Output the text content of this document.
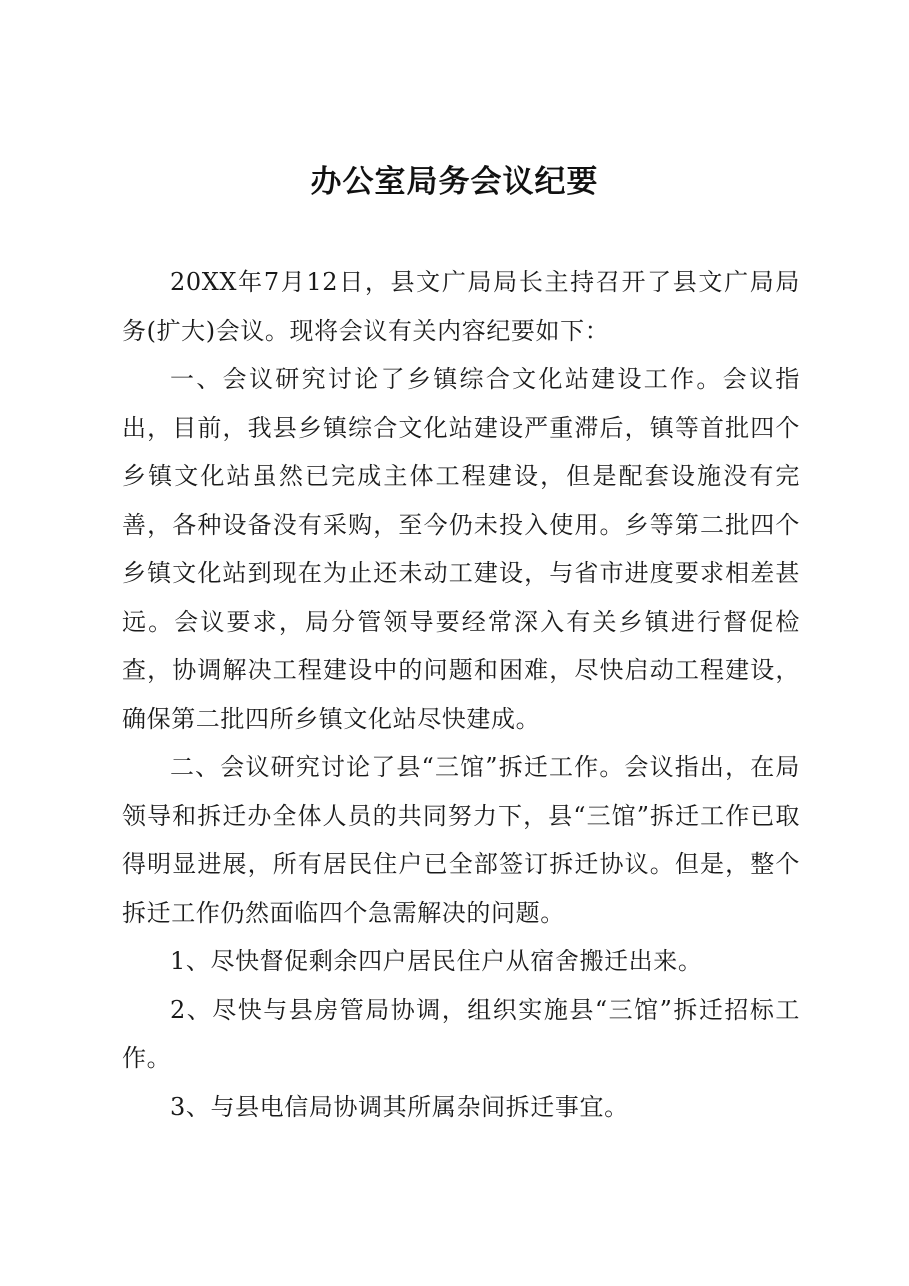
办公室局务会议纪要

20XX年7月12日，县文广局局长主持召开了县文广局局务(扩大)会议。现将会议有关内容纪要如下：

一、会议研究讨论了乡镇综合文化站建设工作。会议指出，目前，我县乡镇综合文化站建设严重滞后，镇等首批四个乡镇文化站虽然已完成主体工程建设，但是配套设施没有完善，各种设备没有采购，至今仍未投入使用。乡等第二批四个乡镇文化站到现在为止还未动工建设，与省市进度要求相差甚远。会议要求，局分管领导要经常深入有关乡镇进行督促检查，协调解决工程建设中的问题和困难，尽快启动工程建设，确保第二批四所乡镇文化站尽快建成。

二、会议研究讨论了县“三馆”拆迁工作。会议指出，在局领导和拆迁办全体人员的共同努力下，县“三馆”拆迁工作已取得明显进展，所有居民住户已全部签订拆迁协议。但是，整个拆迁工作仍然面临四个急需解决的问题。

1、尽快督促剩余四户居民住户从宿舍搬迁出来。

2、尽快与县房管局协调，组织实施县“三馆”拆迁招标工作。

3、与县电信局协调其所属杂间拆迁事宜。
